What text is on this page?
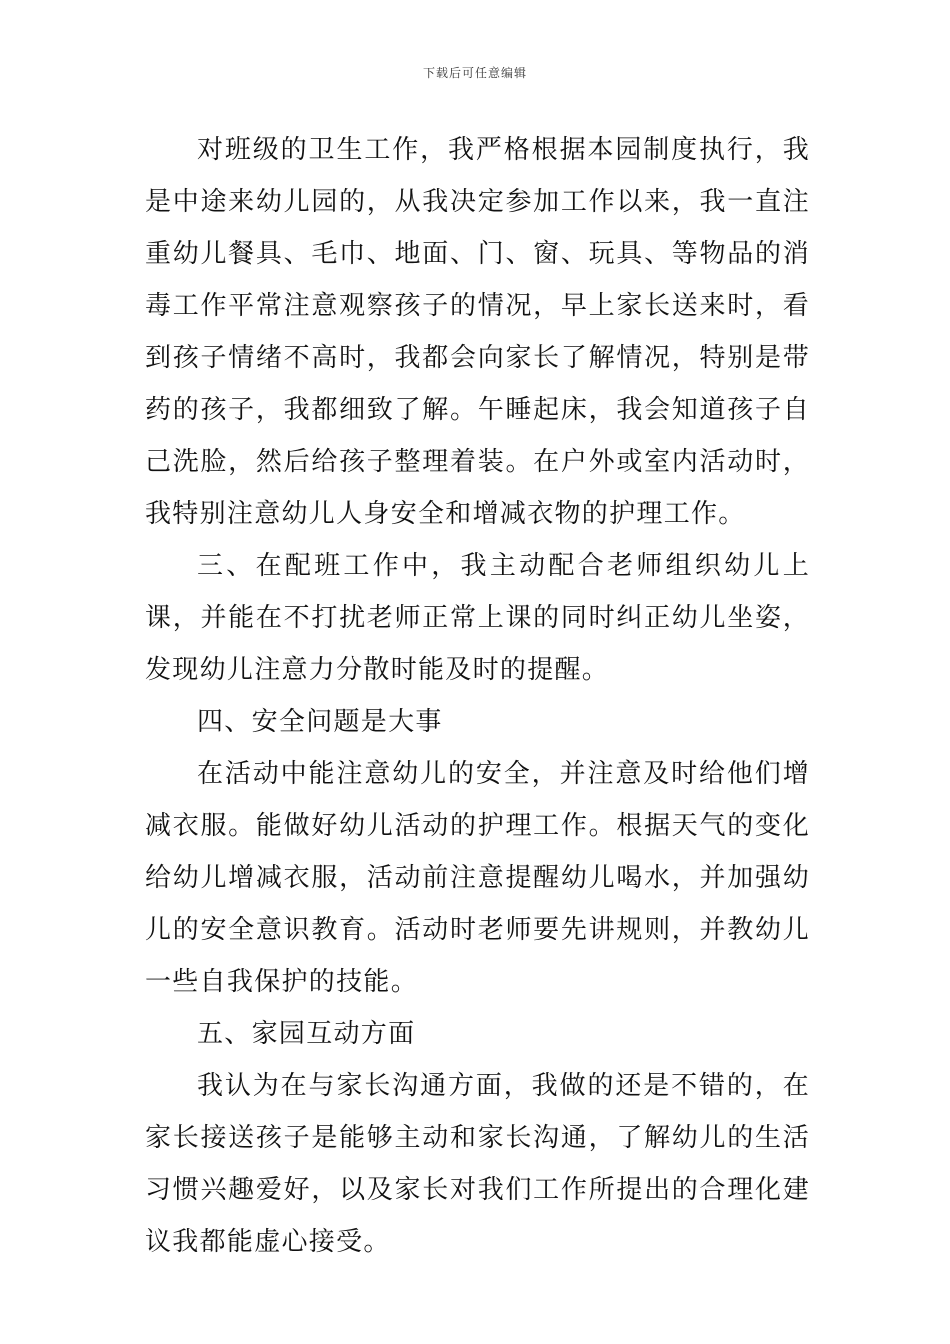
下载后可任意编辑

对班级的卫生工作，我严格根据本园制度执行，我是中途来幼儿园的，从我决定参加工作以来，我一直注重幼儿餐具、毛巾、地面、门、窗、玩具、等物品的消毒工作平常注意观察孩子的情况，早上家长送来时，看到孩子情绪不高时，我都会向家长了解情况，特别是带药的孩子，我都细致了解。午睡起床，我会知道孩子自己洗脸，然后给孩子整理着装。在户外或室内活动时，我特别注意幼儿人身安全和增减衣物的护理工作。

三、在配班工作中，我主动配合老师组织幼儿上课，并能在不打扰老师正常上课的同时纠正幼儿坐姿，发现幼儿注意力分散时能及时的提醒。

四、安全问题是大事

在活动中能注意幼儿的安全，并注意及时给他们增减衣服。能做好幼儿活动的护理工作。根据天气的变化给幼儿增减衣服，活动前注意提醒幼儿喝水，并加强幼儿的安全意识教育。活动时老师要先讲规则，并教幼儿一些自我保护的技能。

五、家园互动方面

我认为在与家长沟通方面，我做的还是不错的，在家长接送孩子是能够主动和家长沟通，了解幼儿的生活习惯兴趣爱好，以及家长对我们工作所提出的合理化建议我都能虚心接受。
